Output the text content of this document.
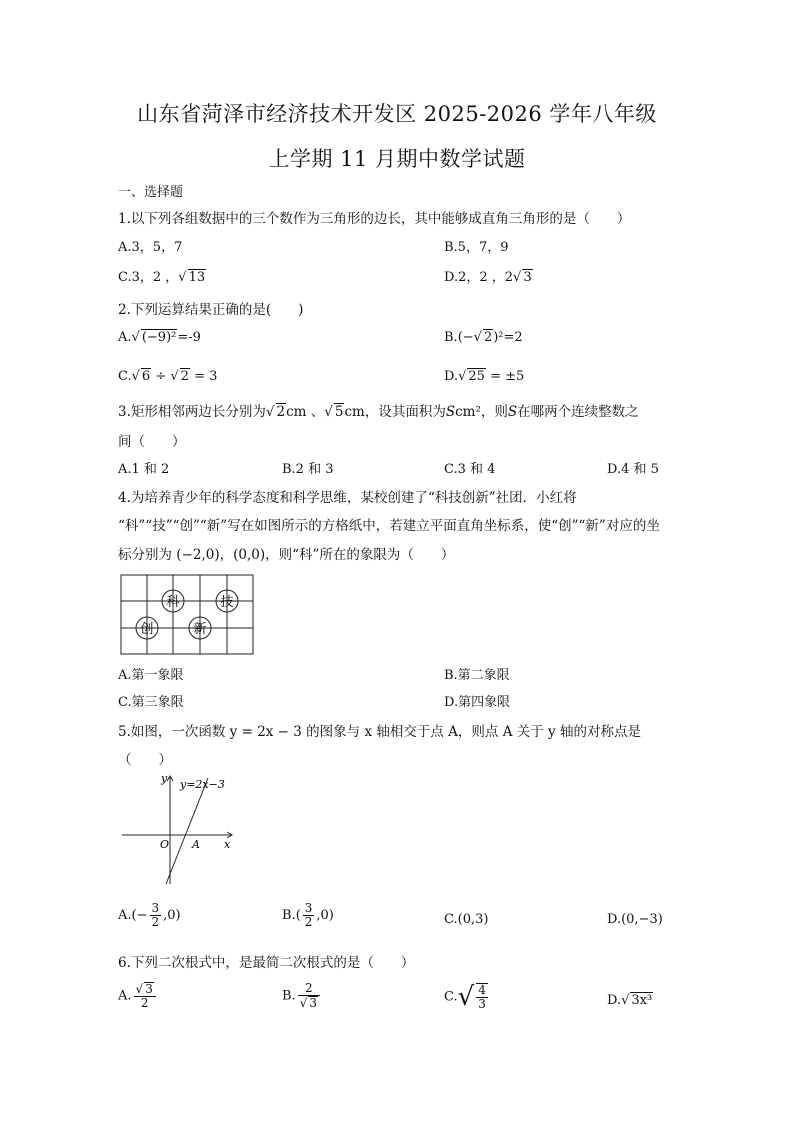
山东省菏泽市经济技术开发区 2025-2026 学年八年级
上学期 11 月期中数学试题
一、选择题
1.以下列各组数据中的三个数作为三角形的边长，其中能够成直角三角形的是（　　）
A.3，5，7	B.5，7，9
C.3，2 ，√ 13	D.2，2 ，2√ 3
2.下列运算结果正确的是(　　)
A.√ (−9)²=-9	B.(−√ 2)²=2
C.√ 6 ÷ √ 2 = 3	D.√ 25 = ±5
3.矩形相邻两边长分别为√ 2cm 、√ 5cm，设其面积为Scm²，则S在哪两个连续整数之
间（　　）
A.1 和 2	B.2 和 3	C.3 和 4	D.4 和 5
4.为培养青少年的科学态度和科学思维，某校创建了“科技创新”社团．小红将
“科”“技”“创”“新”写在如图所示的方格纸中，若建立平面直角坐标系，使“创”“新”对应的坐
标分别为 (−2,0)，(0,0)，则“科”所在的象限为（　　）
科	技
创	新
A.第一象限	B.第二象限
C.第三象限	D.第四象限
5.如图，一次函数 y = 2x − 3 的图象与 x 轴相交于点 A，则点 A 关于 y 轴的对称点是
（　　）
y=2x−3
y
x
O A
$A.(- \frac{3}{2} ,0)$	$B.( \frac{3}{2} ,0)$	C.(0,3)	D.(0,−3)
6.下列二次根式中，是最简二次根式的是（　　）
A. $\frac{√ 3}{2}$	B. $\frac{2}{√ 3}$	$C.√ \frac{4}{3}$	D.√ 3x³
